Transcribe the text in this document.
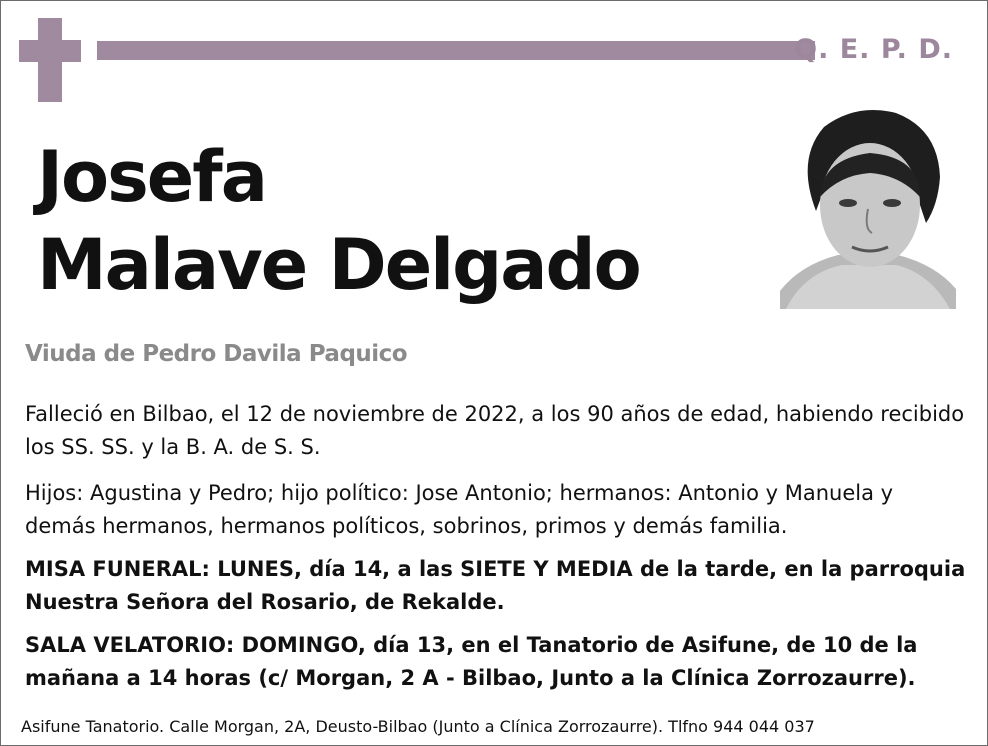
Q. E. P. D.
Josefa
Malave Delgado
Viuda de Pedro Davila Paquico
Falleció en Bilbao, el 12 de noviembre de 2022, a los 90 años de edad, habiendo recibido los SS. SS. y la B. A. de S. S.
Hijos: Agustina y Pedro; hijo político: Jose Antonio; hermanos: Antonio y Manuela y demás hermanos, hermanos políticos, sobrinos, primos y demás familia.
MISA FUNERAL: LUNES, día 14, a las SIETE Y MEDIA de la tarde, en la parroquia Nuestra Señora del Rosario, de Rekalde.
SALA VELATORIO: DOMINGO, día 13, en el Tanatorio de Asifune, de 10 de la mañana a 14 horas (c/ Morgan, 2 A - Bilbao, Junto a la Clínica Zorrozaurre).
Asifune Tanatorio. Calle Morgan, 2A, Deusto-Bilbao (Junto a Clínica Zorrozaurre). Tlfno 944 044 037
